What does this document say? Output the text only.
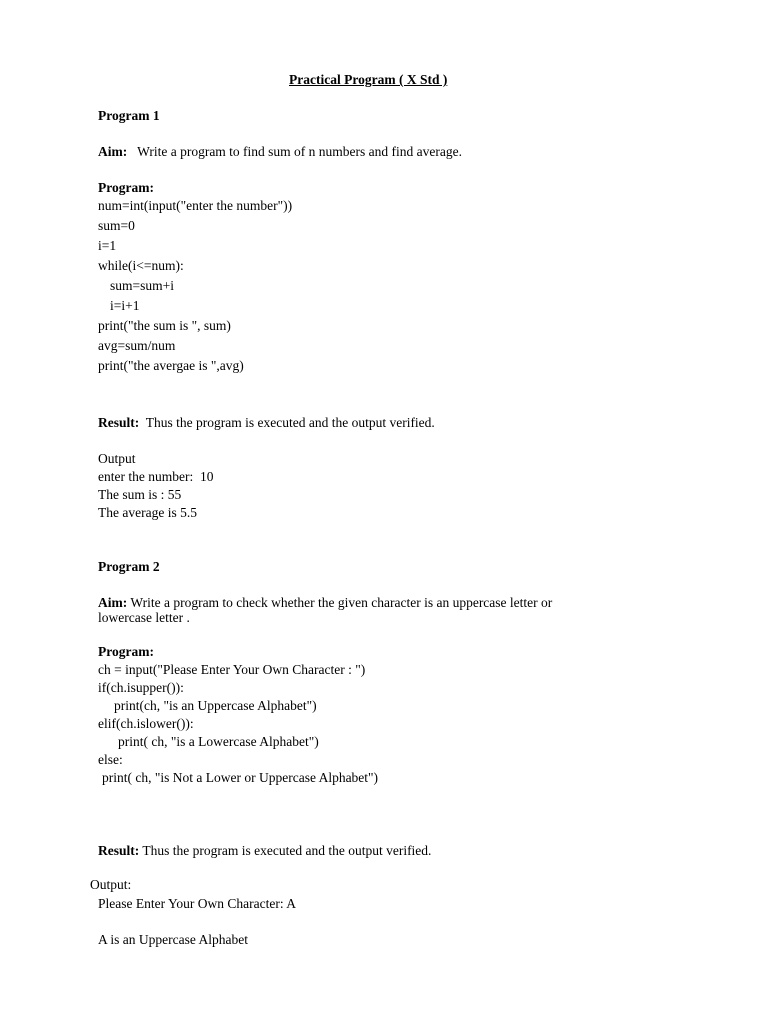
Practical Program ( X Std )
Program 1
Aim: Write a program to find sum of n numbers and find average.
Program:
num=int(input("enter the number"))
sum=0
i=1
while(i<=num):
sum=sum+i
i=i+1
print("the sum is ", sum)
avg=sum/num
print("the avergae is ",avg)
Result: Thus the program is executed and the output verified.
Output
enter the number:  10
The sum is : 55
The average is 5.5
Program 2
Aim: Write a program to check whether the given character is an uppercase letter or
lowercase letter .
Program:
ch = input("Please Enter Your Own Character : ")
if(ch.isupper()):
print(ch, "is an Uppercase Alphabet")
elif(ch.islower()):
print( ch, "is a Lowercase Alphabet")
else:
print( ch, "is Not a Lower or Uppercase Alphabet")
Result: Thus the program is executed and the output verified.
Output:
Please Enter Your Own Character: A
A is an Uppercase Alphabet
